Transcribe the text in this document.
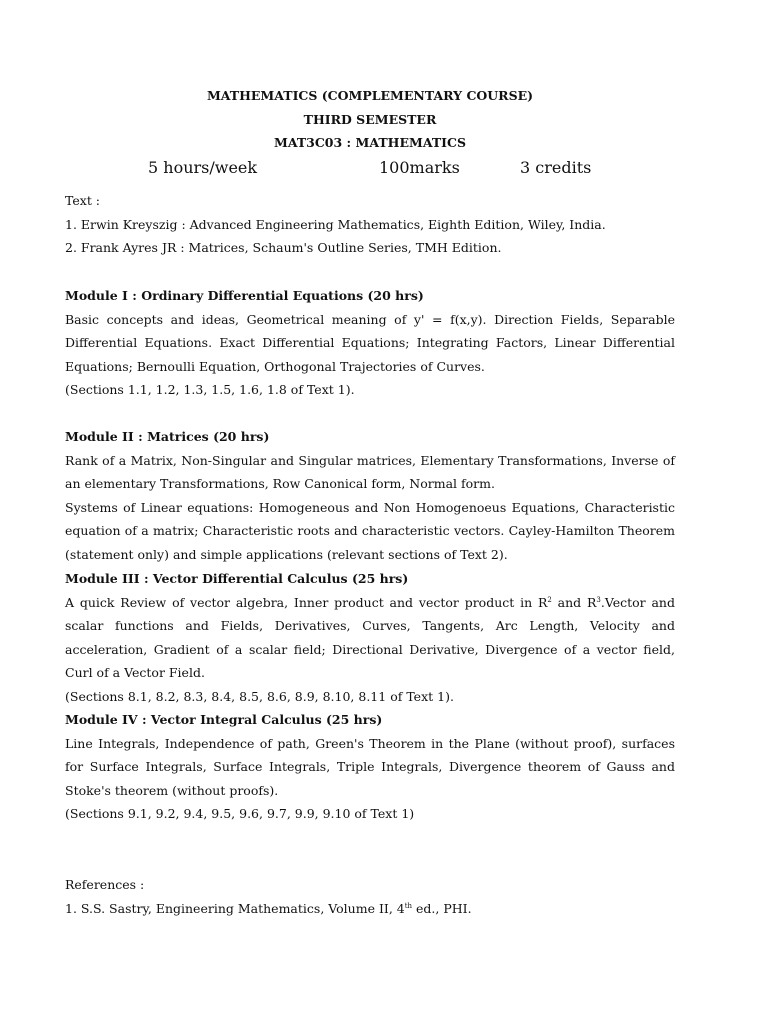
MATHEMATICS (COMPLEMENTARY COURSE)
THIRD SEMESTER
MAT3C03 : MATHEMATICS
5 hours/week	100marks	3 credits
Text :
1. Erwin Kreyszig : Advanced Engineering Mathematics, Eighth Edition, Wiley, India.
2. Frank Ayres JR : Matrices, Schaum's Outline Series, TMH Edition.
Module I : Ordinary Differential Equations (20 hrs)
Basic concepts and ideas, Geometrical meaning of y' = f(x,y). Direction Fields, Separable Differential Equations. Exact Differential Equations; Integrating Factors, Linear Differential Equations; Bernoulli Equation, Orthogonal Trajectories of Curves.
(Sections 1.1, 1.2, 1.3, 1.5, 1.6, 1.8 of Text 1).
Module II : Matrices (20 hrs)
Rank of a Matrix, Non-Singular and Singular matrices, Elementary Transformations, Inverse of an elementary Transformations, Row Canonical form, Normal form.
Systems of Linear equations: Homogeneous and Non Homogenoeus Equations, Characteristic equation of a matrix; Characteristic roots and characteristic vectors. Cayley-Hamilton Theorem (statement only) and simple applications (relevant sections of Text 2).
Module III : Vector Differential Calculus (25 hrs)
A quick Review of vector algebra, Inner product and vector product in $R^2$ and $R^3.Vector$ and scalar functions and Fields, Derivatives, Curves, Tangents, Arc Length, Velocity and acceleration, Gradient of a scalar field; Directional Derivative, Divergence of a vector field, Curl of a Vector Field.
(Sections 8.1, 8.2, 8.3, 8.4, 8.5, 8.6, 8.9, 8.10, 8.11 of Text 1).
Module IV : Vector Integral Calculus (25 hrs)
Line Integrals, Independence of path, Green's Theorem in the Plane (without proof), surfaces for Surface Integrals, Surface Integrals, Triple Integrals, Divergence theorem of Gauss and Stoke's theorem (without proofs).
(Sections 9.1, 9.2, 9.4, 9.5, 9.6, 9.7, 9.9, 9.10 of Text 1)
References :
1. S.S. Sastry, Engineering Mathematics, Volume II, 4th ed., PHI.
